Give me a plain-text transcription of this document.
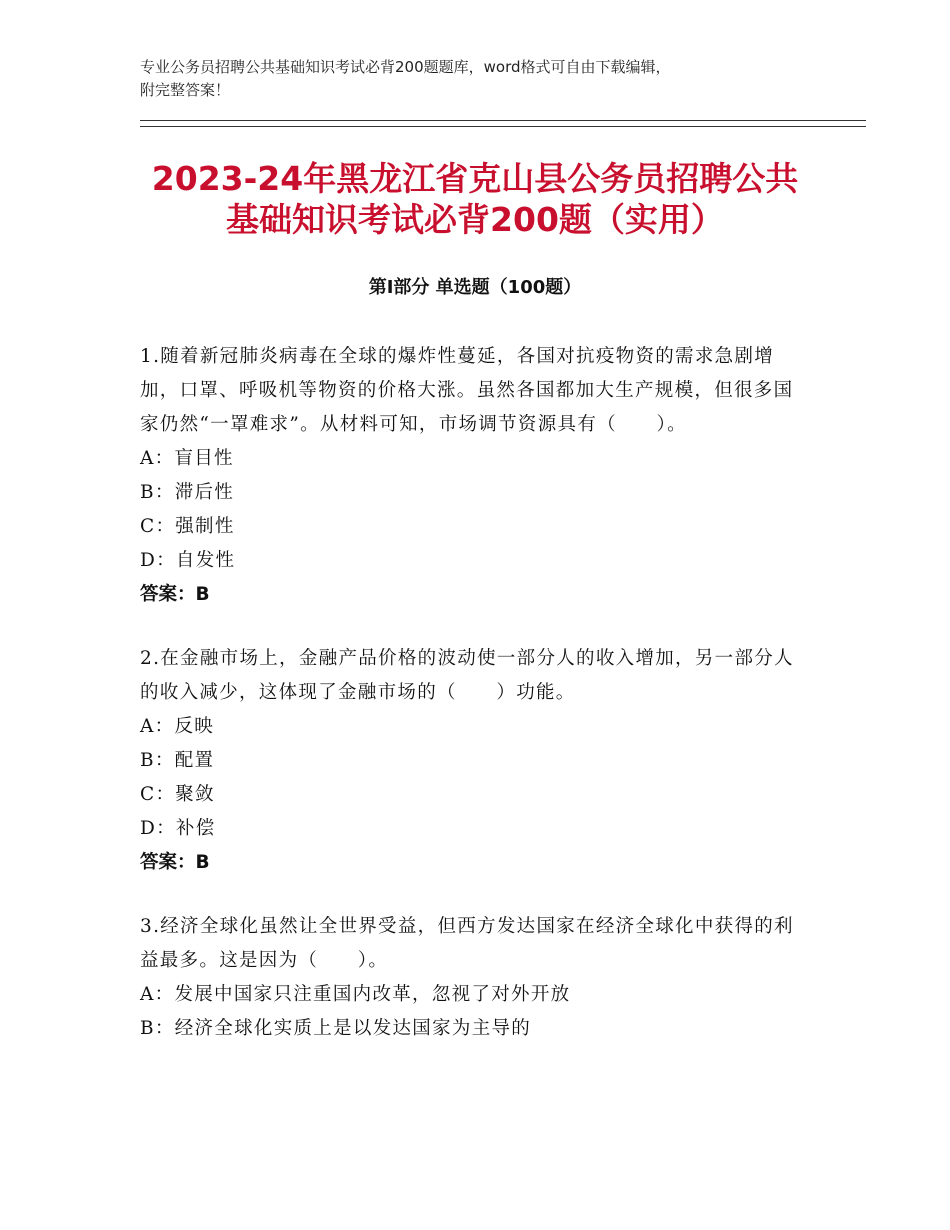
专业公务员招聘公共基础知识考试必背200题题库，word格式可自由下载编辑，
附完整答案！
2023-24年黑龙江省克山县公务员招聘公共
基础知识考试必背200题（实用）
第Ⅰ部分 单选题（100题）

1.随着新冠肺炎病毒在全球的爆炸性蔓延，各国对抗疫物资的需求急剧增加，口罩、呼吸机等物资的价格大涨。虽然各国都加大生产规模，但很多国家仍然“一罩难求”。从材料可知，市场调节资源具有（　　）。

A：盲目性

B：滞后性

C：强制性

D：自发性

答案：B

2.在金融市场上，金融产品价格的波动使一部分人的收入增加，另一部分人的收入减少，这体现了金融市场的（　　）功能。

A：反映

B：配置

C：聚敛

D：补偿

答案：B

3.经济全球化虽然让全世界受益，但西方发达国家在经济全球化中获得的利益最多。这是因为（　　）。

A：发展中国家只注重国内改革，忽视了对外开放

B：经济全球化实质上是以发达国家为主导的
